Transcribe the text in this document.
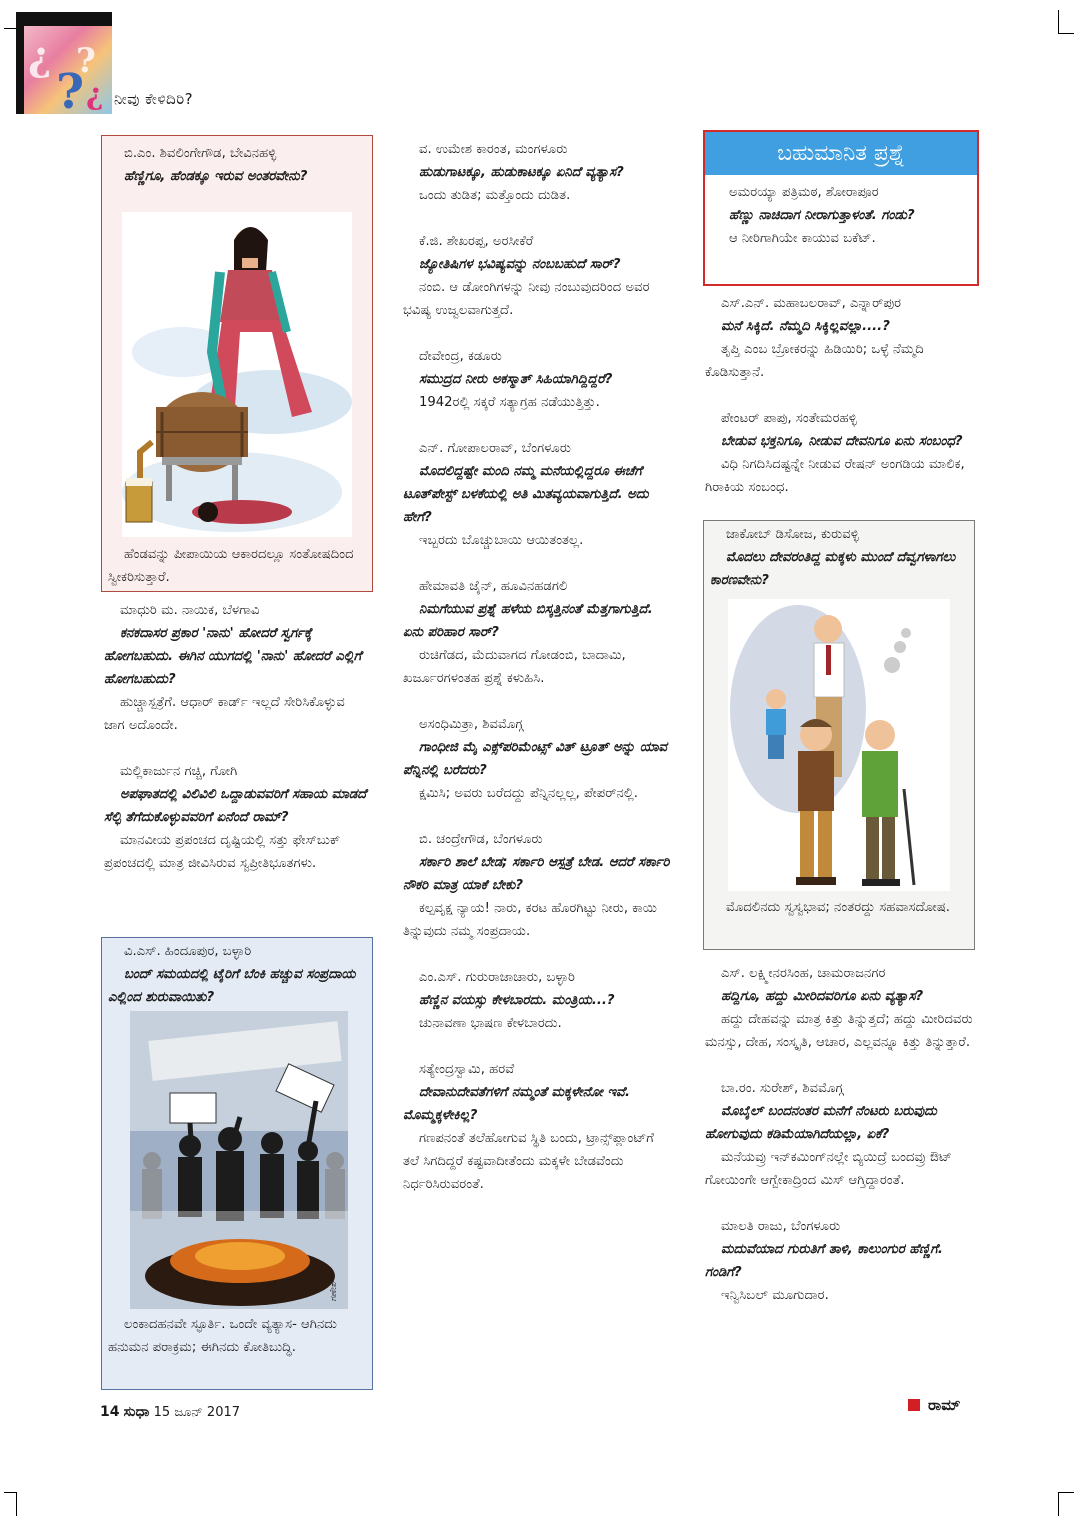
¿
?
?
¿ ನೀವು ಕೇಳಿದಿರಿ?
ಬಿ.ಎಂ. ಶಿವಲಿಂಗೇಗೌಡ, ಬೇವಿನಹಳ್ಳಿ
ಹೆಣ್ಣಿಗೂ, ಹೆಂಡಕ್ಕೂ ಇರುವ ಅಂತರವೇನು?
ಹೆಂಡವನ್ನು ಪೀಪಾಯಿಯ ಆಕಾರದಲ್ಲೂ ಸಂತೋಷದಿಂದ ಸ್ವೀಕರಿಸುತ್ತಾರೆ.
ಮಾಧುರಿ ಮ. ನಾಯಿಕ, ಬೆಳಗಾವಿ
ಕನಕದಾಸರ ಪ್ರಕಾರ 'ನಾನು' ಹೋದರೆ ಸ್ವರ್ಗಕ್ಕೆ ಹೋಗಬಹುದು. ಈಗಿನ ಯುಗದಲ್ಲಿ 'ನಾನು' ಹೋದರೆ ಎಲ್ಲಿಗೆ ಹೋಗಬಹುದು?
ಹುಚ್ಚಾಸ್ಪತ್ರೆಗೆ. ಆಧಾರ್ ಕಾರ್ಡ್ ಇಲ್ಲದೆ ಸೇರಿಸಿಕೊಳ್ಳುವ ಜಾಗ ಅದೊಂದೇ.
ಮಲ್ಲಿಕಾರ್ಜುನ ಗಚ್ಚಿ, ಗೋಗಿ
ಅಪಘಾತದಲ್ಲಿ ವಿಲಿವಿಲಿ ಒದ್ದಾಡುವವರಿಗೆ ಸಹಾಯ ಮಾಡದೆ ಸೆಲ್ಫಿ ತೆಗೆದುಕೊಳ್ಳುವವರಿಗೆ ಏನೆಂದೆ ರಾಮ್?
ಮಾನವೀಯ ಪ್ರಪಂಚದ ದೃಷ್ಟಿಯಲ್ಲಿ ಸತ್ತು ಫೇಸ್‌ಬುಕ್ ಪ್ರಪಂಚದಲ್ಲಿ ಮಾತ್ರ ಜೀವಿಸಿರುವ ಸ್ವಪ್ರೀತಿಭೂತಗಳು.
ವಿ.ಎಸ್. ಹಿಂದೂಪುರ, ಬಳ್ಳಾರಿ
ಬಂದ್ ಸಮಯದಲ್ಲಿ ಟೈರಿಗೆ ಬೆಂಕಿ ಹಚ್ಚುವ ಸಂಪ್ರದಾಯ ಎಲ್ಲಿಂದ ಶುರುವಾಯಿತು?
ಗಣೇಶ್
ಲಂಕಾದಹನವೇ ಸ್ಫೂರ್ತಿ. ಒಂದೇ ವ್ಯತ್ಯಾಸ- ಆಗಿನದು ಹನುಮನ ಪರಾಕ್ರಮ; ಈಗಿನದು ಕೋತಿಬುದ್ಧಿ.
ವ. ಉಮೇಶ ಕಾರಂತ, ಮಂಗಳೂರು
ಹುಡುಗಾಟಕ್ಕೂ, ಹುಡುಕಾಟಕ್ಕೂ ಏನಿದೆ ವ್ಯತ್ಯಾಸ?
ಒಂದು ತುಡಿತ; ಮತ್ತೊಂದು ದುಡಿತ.
ಕೆ.ಜಿ. ಶೇಖರಪ್ಪ, ಅರಸೀಕೆರೆ
ಜ್ಯೋತಿಷಿಗಳ ಭವಿಷ್ಯವನ್ನು ನಂಬಬಹುದೆ ಸಾರ್?
ನಂಬಿ. ಆ ಡೋಂಗಿಗಳನ್ನು ನೀವು ನಂಬುವುದರಿಂದ ಅವರ ಭವಿಷ್ಯ ಉಜ್ವಲವಾಗುತ್ತದೆ.
ದೇವೇಂದ್ರ, ಕಡೂರು
ಸಮುದ್ರದ ನೀರು ಅಕಸ್ಮಾತ್ ಸಿಹಿಯಾಗಿದ್ದಿದ್ದರೆ?
1942ರಲ್ಲಿ ಸಕ್ಕರೆ ಸತ್ಯಾಗ್ರಹ ನಡೆಯುತ್ತಿತ್ತು.
ಎನ್. ಗೋಪಾಲರಾವ್, ಬೆಂಗಳೂರು
ಮೊದಲಿದ್ದಷ್ಟೇ ಮಂದಿ ನಮ್ಮ ಮನೆಯಲ್ಲಿದ್ದರೂ ಈಚೆಗೆ ಟೂತ್‌ಪೇಸ್ಟ್ ಬಳಕೆಯಲ್ಲಿ ಅತಿ ಮಿತವ್ಯಯವಾಗುತ್ತಿದೆ. ಅದು ಹೇಗೆ?
ಇಬ್ಬರದು ಬೊಚ್ಚುಬಾಯಿ ಆಯಿತಂತಲ್ಲ.
ಹೇಮಾವತಿ ಜೈನ್, ಹೂವಿನಹಡಗಲಿ
ನಿಮಗೆಯುವ ಪ್ರಶ್ನೆ ಹಳೆಯ ಬಿಸ್ಕತ್ತಿನಂತೆ ಮೆತ್ತಗಾಗುತ್ತಿದೆ. ಏನು ಪರಿಹಾರ ಸಾರ್?
ರುಚಿಗೆಡದ, ಮೆದುವಾಗದ ಗೋಡಂಬಿ, ಬಾದಾಮಿ, ಖರ್ಜೂರಗಳಂತಹ ಪ್ರಶ್ನೆ ಕಳುಹಿಸಿ.
ಅಸಂಧಿಮಿತ್ರಾ, ಶಿವಮೊಗ್ಗ
ಗಾಂಧೀಜಿ ಮೈ ಎಕ್ಸ್‌ಪರಿಮೆಂಟ್ಸ್ ವಿತ್ ಟ್ರೂತ್ ಅನ್ನು ಯಾವ ಪೆನ್ನಿನಲ್ಲಿ ಬರೆದರು?
ಕ್ಷಮಿಸಿ; ಅವರು ಬರೆದದ್ದು ಪೆನ್ನಿನಲ್ಲಲ್ಲ, ಪೇಪರ್‌ನಲ್ಲಿ.
ಬಿ. ಚಂದ್ರೇಗೌಡ, ಬೆಂಗಳೂರು
ಸರ್ಕಾರಿ ಶಾಲೆ ಬೇಡ; ಸರ್ಕಾರಿ ಆಸ್ಪತ್ರೆ ಬೇಡ. ಆದರೆ ಸರ್ಕಾರಿ ನೌಕರಿ ಮಾತ್ರ ಯಾಕೆ ಬೇಕು?
ಕಲ್ಪವೃಕ್ಷ ನ್ಯಾಯ! ನಾರು, ಕರಟ ಹೊರಗಿಟ್ಟು ನೀರು, ಕಾಯಿ ತಿನ್ನುವುದು ನಮ್ಮ ಸಂಪ್ರದಾಯ.
ಎಂ.ಎಸ್. ಗುರುರಾಜಾಚಾರು, ಬಳ್ಳಾರಿ
ಹೆಣ್ಣಿನ ವಯಸ್ಸು ಕೇಳಬಾರದು. ಮಂತ್ರಿಯ...?
ಚುನಾವಣಾ ಭಾಷಣ ಕೇಳಬಾರದು.
ಸತ್ಯೇಂದ್ರಸ್ವಾಮಿ, ಹರವೆ
ದೇವಾನುದೇವತೆಗಳಿಗೆ ನಮ್ಮಂತೆ ಮಕ್ಕಳೇನೋ ಇವೆ. ಮೊಮ್ಮಕ್ಕಳೇಕಿಲ್ಲ?
ಗಣಪನಂತೆ ತಲೆಹೋಗುವ ಸ್ಥಿತಿ ಬಂದು, ಟ್ರಾನ್ಸ್‌ಪ್ಲಾಂಟ್‌ಗೆ ತಲೆ ಸಿಗದಿದ್ದರೆ ಕಷ್ಟವಾದೀತೆಂದು ಮಕ್ಕಳೇ ಬೇಡವೆಂದು ನಿರ್ಧರಿಸಿರುವರಂತೆ.
ಬಹುಮಾನಿತ ಪ್ರಶ್ನೆ
ಅಮರಯ್ಯಾ ಪತ್ರಿಮಠ, ಶೋರಾಪೂರ
ಹೆಣ್ಣು ನಾಚಿದಾಗ ನೀರಾಗುತ್ತಾಳಂತೆ. ಗಂಡು?
ಆ ನೀರಿಗಾಗಿಯೇ ಕಾಯುವ ಬಕೆಟ್.
ಎಸ್.ಎನ್. ಮಹಾಬಲರಾವ್, ಎನ್ನಾರ್‌ಪುರ
ಮನೆ ಸಿಕ್ಕಿದೆ. ನೆಮ್ಮದಿ ಸಿಕ್ಕಿಲ್ಲವಲ್ಲಾ....?
ತೃಪ್ತಿ ಎಂಬ ಬ್ರೋಕರನ್ನು ಹಿಡಿಯಿರಿ; ಒಳ್ಳೆ ನೆಮ್ಮದಿ ಕೊಡಿಸುತ್ತಾನೆ.
ಪೇಂಟರ್ ಪಾಪು, ಸಂತೇಮರಹಳ್ಳಿ
ಬೇಡುವ ಭಕ್ತನಿಗೂ, ನೀಡುವ ದೇವನಿಗೂ ಏನು ಸಂಬಂಧ?
ವಿಧಿ ನಿಗದಿಸಿದಷ್ಟನ್ನೇ ನೀಡುವ ರೇಷನ್ ಅಂಗಡಿಯ ಮಾಲಿಕ, ಗಿರಾಕಿಯ ಸಂಬಂಧ.
ಜಾಕೋಬ್ ಡಿಸೋಜ, ಕುರುವಳ್ಳಿ
ಮೊದಲು ದೇವರಂತಿದ್ದ ಮಕ್ಕಳು ಮುಂದೆ ದೆವ್ವಗಳಾಗಲು ಕಾರಣವೇನು?
ಮೊದಲಿನದು ಸ್ವಸ್ವಭಾವ; ನಂತರದ್ದು ಸಹವಾಸದೋಷ.
ಎಸ್. ಲಕ್ಷ್ಮೀನರಸಿಂಹ, ಚಾಮರಾಜನಗರ
ಹದ್ದಿಗೂ, ಹದ್ದು ಮೀರಿದವರಿಗೂ ಏನು ವ್ಯತ್ಯಾಸ?
ಹದ್ದು ದೇಹವನ್ನು ಮಾತ್ರ ಕಿತ್ತು ತಿನ್ನುತ್ತದೆ; ಹದ್ದು ಮೀರಿದವರು ಮನಸ್ಸು, ದೇಹ, ಸಂಸ್ಕೃತಿ, ಆಚಾರ, ಎಲ್ಲವನ್ನೂ ಕಿತ್ತು ತಿನ್ನುತ್ತಾರೆ.
ಬಾ.ರಂ. ಸುರೇಶ್, ಶಿವಮೊಗ್ಗ
ಮೊಬೈಲ್ ಬಂದನಂತರ ಮನೆಗೆ ನೆಂಟರು ಬರುವುದು ಹೋಗುವುದು ಕಡಿಮೆಯಾಗಿದೆಯಲ್ಲಾ, ಏಕೆ?
ಮನೆಯವ್ರು ಇನ್‌ಕಮಿಂಗ್‌ನಲ್ಲೇ ಬ್ಯಿಯಿದ್ರೆ ಬಂದವ್ರು ಔಟ್ ಗೋಯಿಂಗೇ ಆಗ್ಬೇಕಾದ್ರಿಂದ ಮಿಸ್ ಆಗ್ತಿದ್ದಾರಂತೆ.
ಮಾಲತಿ ರಾಜು, ಬೆಂಗಳೂರು
ಮದುವೆಯಾದ ಗುರುತಿಗೆ ತಾಳಿ, ಕಾಲುಂಗುರ ಹೆಣ್ಣಿಗೆ. ಗಂಡಿಗೆ?
ಇನ್ವಿಸಿಬಲ್ ಮೂಗುದಾರ.
ರಾಮ್
14 ಸುಧಾ 15 ಜೂನ್ 2017
